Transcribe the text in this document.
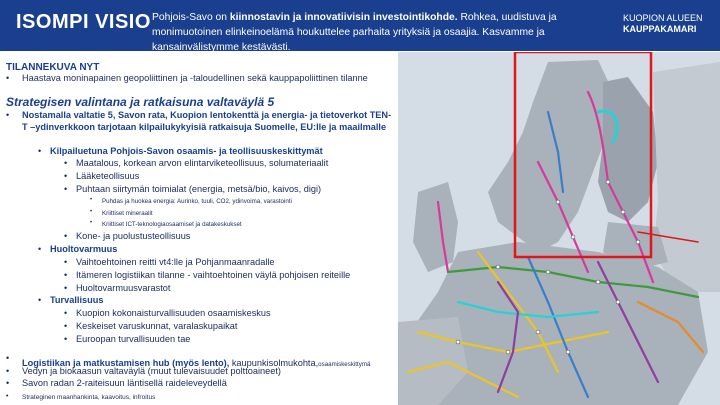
ISOMPI VISIO Pohjois-Savo on kiinnostavin ja innovatiivisin investointikohde. Rohkea, uudistuva ja monimuotoinen elinkeinoelämä houkuttelee parhaita yrityksiä ja osaajia. Kasvamme ja kansainvälistymme kestävästi.
KUOPION ALUEEN
KAUPPAKAMARI
TILANNEKUVA NYT
• Haastava moninapainen geopoliittinen ja -taloudellinen sekä kauppapoliittinen tilanne
Strategisen valintana ja ratkaisuna valtaväylä 5
• Nostamalla valtatie 5, Savon rata, Kuopion lentokenttä ja energia- ja tietoverkot TEN-
T –ydinverkkoon tarjotaan kilpailukykyisiä ratkaisuja Suomelle, EU:lle ja maailmalle
• Kilpailuetuna Pohjois-Savon osaamis- ja teollisuuskeskittymät
• Maatalous, korkean arvon elintarviketeollisuus, solumateriaalit
• Lääketeollisuus
• Puhtaan siirtymän toimialat (energia, metsä/bio, kaivos, digi)
• Puhdas ja huokea energia: Aurinko, tuuli, CO2, ydinvoima, varastointi
• Kriittiset mineraalit
• Kriittiset ICT-teknologiaosaamiset ja datakeskukset
• Kone- ja puolustusteollisuus
• Huoltovarmuus
• Vaihtoehtoinen reitti vt4:lle ja Pohjanmaanradalle
• Itämeren logistiikan tilanne - vaihtoehtoinen väylä pohjoisen reiteille
• Huoltovarmuusvarastot
• Turvallisuus
• Kuopion kokonaisturvallisuuden osaamiskeskus
• Keskeiset varuskunnat, varalaskupaikat
• Euroopan turvallisuuden tae
• Logistiikan ja matkustamisen hub (myös lento), kaupunkisolmukohta,osaamiskeskittymä
• Vedyn ja biokaasun valtaväylä (muut tulevaisuudet polttoaineet)
• Savon radan 2-raiteisuun läntisellä raideleveydellä
• Strateginen maanhankinta, kaavoitus, infroitus
